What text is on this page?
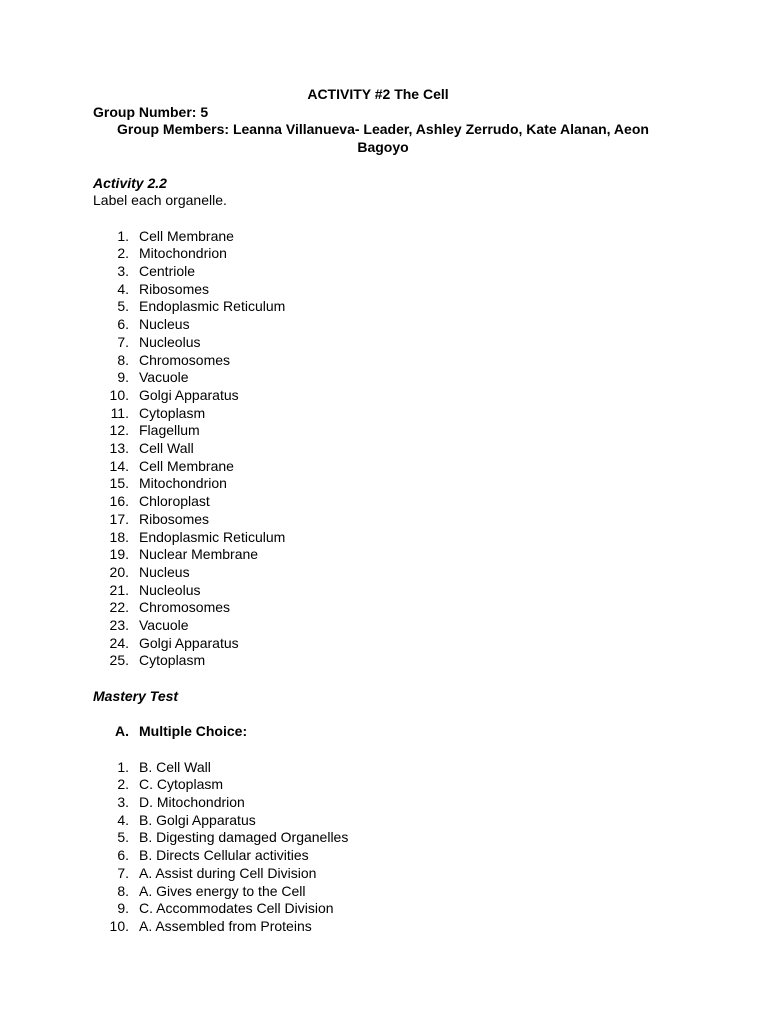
ACTIVITY #2 The Cell
Group Number: 5
Group Members: Leanna Villanueva- Leader, Ashley Zerrudo, Kate Alanan, Aeon Bagoyo
Activity 2.2
Label each organelle.
1. Cell Membrane
2. Mitochondrion
3. Centriole
4. Ribosomes
5. Endoplasmic Reticulum
6. Nucleus
7. Nucleolus
8. Chromosomes
9. Vacuole
10. Golgi Apparatus
11. Cytoplasm
12. Flagellum
13. Cell Wall
14. Cell Membrane
15. Mitochondrion
16. Chloroplast
17. Ribosomes
18. Endoplasmic Reticulum
19. Nuclear Membrane
20. Nucleus
21. Nucleolus
22. Chromosomes
23. Vacuole
24. Golgi Apparatus
25. Cytoplasm
Mastery Test
A. Multiple Choice:
1. B. Cell Wall
2. C. Cytoplasm
3. D. Mitochondrion
4. B. Golgi Apparatus
5. B. Digesting damaged Organelles
6. B. Directs Cellular activities
7. A. Assist during Cell Division
8. A. Gives energy to the Cell
9. C. Accommodates Cell Division
10. A. Assembled from Proteins
